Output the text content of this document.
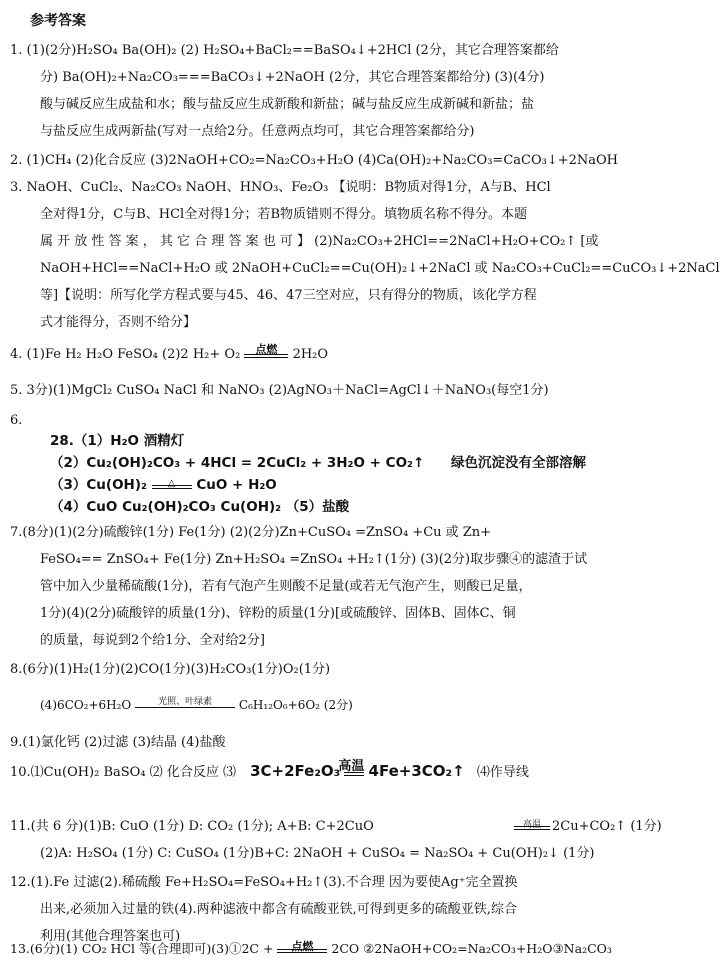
参考答案
1. (1)(2分)H₂SO₄ Ba(OH)₂ (2) H₂SO₄+BaCl₂==BaSO₄↓+2HCl (2分，其它合理答案都给
分) Ba(OH)₂+Na₂CO₃===BaCO₃↓+2NaOH (2分，其它合理答案都给分) (3)(4分)
酸与碱反应生成盐和水；酸与盐反应生成新酸和新盐；碱与盐反应生成新碱和新盐；盐
与盐反应生成两新盐(写对一点给2分。任意两点均可，其它合理答案都给分)
2. (1)CH₄ (2)化合反应 (3)2NaOH+CO₂=Na₂CO₃+H₂O (4)Ca(OH)₂+Na₂CO₃=CaCO₃↓+2NaOH
3. NaOH、CuCl₂、Na₂CO₃ NaOH、HNO₃、Fe₂O₃ 【说明：B物质对得1分，A与B、HCl
全对得1分，C与B、HCl全对得1分；若B物质错则不得分。填物质名称不得分。本题
属 开 放 性 答 案 ， 其 它 合 理 答 案 也 可 】 (2)Na₂CO₃+2HCl==2NaCl+H₂O+CO₂↑ [或
NaOH+HCl==NaCl+H₂O 或 2NaOH+CuCl₂==Cu(OH)₂↓+2NaCl 或 Na₂CO₃+CuCl₂==CuCO₃↓+2NaCl
等]【说明：所写化学方程式要与45、46、47三空对应，只有得分的物质，该化学方程
式才能得分，否则不给分】
5. 3分)(1)MgCl₂ CuSO₄ NaCl 和 NaNO₃ (2)AgNO₃＋NaCl=AgCl↓＋NaNO₃(每空1分)
6.
7.(8分)(1)(2分)硫酸锌(1分) Fe(1分) (2)(2分)Zn+CuSO₄ =ZnSO₄ +Cu 或 Zn+
FeSO₄== ZnSO₄+ Fe(1分) Zn+H₂SO₄ =ZnSO₄ +H₂↑(1分) (3)(2分)取步骤④的滤渣于试
管中加入少量稀硫酸(1分)，若有气泡产生则酸不足量(或若无气泡产生，则酸已足量，
1分)(4)(2分)硫酸锌的质量(1分)、锌粉的质量(1分)[或硫酸锌、固体B、固体C、铜
的质量，每说到2个给1分、全对给2分]
8.(6分)(1)H₂(1分)(2)CO(1分)(3)H₂CO₃(1分)O₂(1分)
9.(1)氯化钙 (2)过滤 (3)结晶 (4)盐酸
11.(共 6 分)(1)B: CuO (1分) D: CO₂ (1分); A+B: C+2CuO
(2)A: H₂SO₄ (1分) C: CuSO₄ (1分)B+C: 2NaOH + CuSO₄ = Na₂SO₄ + Cu(OH)₂↓ (1分)
12.(1).Fe 过滤(2).稀硫酸 Fe+H₂SO₄=FeSO₄+H₂↑(3).不合理 因为要使Ag⁺完全置换
出来,必须加入过量的铁(4).两种滤液中都含有硫酸亚铁,可得到更多的硫酸亚铁,综合
利用(其他合理答案也可)
4. (1)Fe H₂ H₂O FeSO₄ (2)2 H₂+ O₂	点燃	2H₂O
28.（1）H₂O 酒精灯
（2）Cu₂(OH)₂CO₃ + 4HCl = 2CuCl₂ + 3H₂O + CO₂↑ 绿色沉淀没有全部溶解
（3）Cu(OH)₂	△	CuO + H₂O
（4）CuO Cu₂(OH)₂CO₃ Cu(OH)₂ （5）盐酸
(4)6CO₂+6H₂O	光照、叶绿素	C₆H₁₂O₆+6O₂ (2分)
10.⑴Cu(OH)₂ BaSO₄ ⑵ 化合反应 ⑶ 3C+2Fe₂O₃
高温 4Fe+3CO₂↑ ⑷作导线
高温 2Cu+CO₂↑ (1分)
13.(6分)(1) CO₂ HCl 等(合理即可)(3)①2C +	点燃	2CO ②2NaOH+CO₂=Na₂CO₃+H₂O③Na₂CO₃
